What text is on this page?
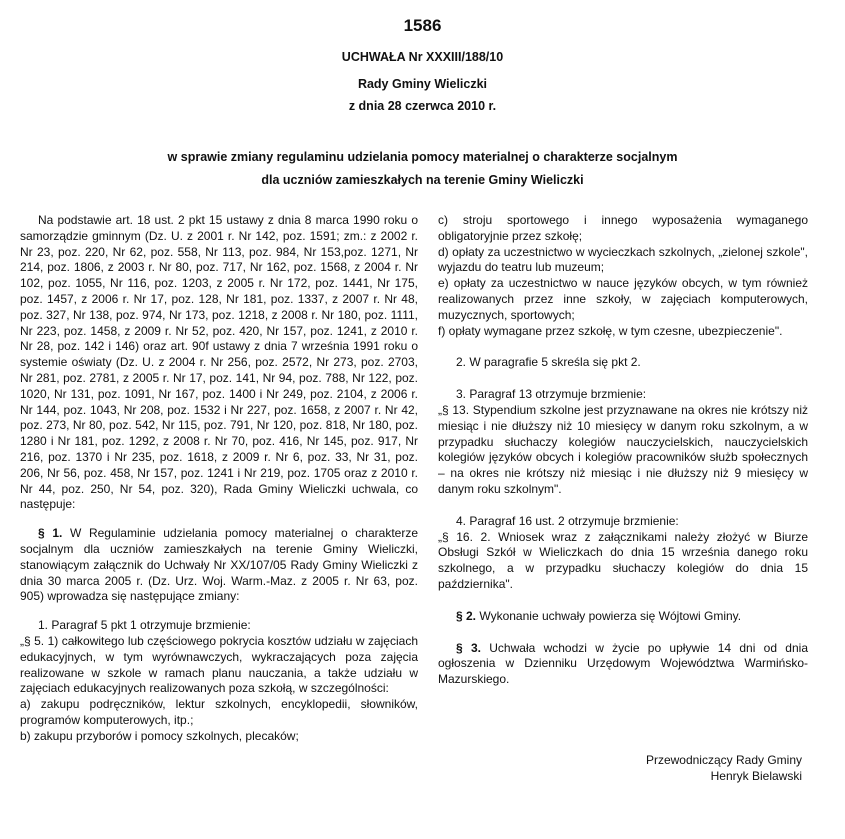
1586
UCHWAŁA Nr XXXIII/188/10
Rady Gminy Wieliczki
z dnia 28 czerwca 2010 r.
w sprawie zmiany regulaminu udzielania pomocy materialnej o charakterze socjalnym
dla uczniów zamieszkałych na terenie Gminy Wieliczki

Na podstawie art. 18 ust. 2 pkt 15 ustawy z dnia 8 marca 1990 roku o samorządzie gminnym (Dz. U. z 2001 r. Nr 142, poz. 1591; zm.: z 2002 r. Nr 23, poz. 220, Nr 62, poz. 558, Nr 113, poz. 984, Nr 153,poz. 1271, Nr 214, poz. 1806, z 2003 r. Nr 80, poz. 717, Nr 162, poz. 1568, z 2004 r. Nr 102, poz. 1055, Nr 116, poz. 1203, z 2005 r. Nr 172, poz. 1441, Nr 175, poz. 1457, z 2006 r. Nr 17, poz. 128, Nr 181, poz. 1337, z 2007 r. Nr 48, poz. 327, Nr 138, poz. 974, Nr 173, poz. 1218, z 2008 r. Nr 180, poz. 1111, Nr 223, poz. 1458, z 2009 r. Nr 52, poz. 420, Nr 157, poz. 1241, z 2010 r. Nr 28, poz. 142 i 146) oraz art. 90f ustawy z dnia 7 września 1991 roku o systemie oświaty (Dz. U. z 2004 r. Nr 256, poz. 2572, Nr 273, poz. 2703, Nr 281, poz. 2781, z 2005 r. Nr 17, poz. 141, Nr 94, poz. 788, Nr 122, poz. 1020, Nr 131, poz. 1091, Nr 167, poz. 1400 i Nr 249, poz. 2104, z 2006 r. Nr 144, poz. 1043, Nr 208, poz. 1532 i Nr 227, poz. 1658, z 2007 r. Nr 42, poz. 273, Nr 80, poz. 542, Nr 115, poz. 791, Nr 120, poz. 818, Nr 180, poz. 1280 i Nr 181, poz. 1292, z 2008 r. Nr 70, poz. 416, Nr 145, poz. 917, Nr 216, poz. 1370 i Nr 235, poz. 1618, z 2009 r. Nr 6, poz. 33, Nr 31, poz. 206, Nr 56, poz. 458, Nr 157, poz. 1241 i Nr 219, poz. 1705 oraz z 2010 r. Nr 44, poz. 250, Nr 54, poz. 320), Rada Gminy Wieliczki uchwala, co następuje:

§ 1. W Regulaminie udzielania pomocy materialnej o charakterze socjalnym dla uczniów zamieszkałych na terenie Gminy Wieliczki, stanowiącym załącznik do Uchwały Nr XX/107/05 Rady Gminy Wieliczki z dnia 30 marca 2005 r. (Dz. Urz. Woj. Warm.-Maz. z 2005 r. Nr 63, poz. 905) wprowadza się następujące zmiany:

1. Paragraf 5 pkt 1 otrzymuje brzmienie:

„§ 5. 1) całkowitego lub częściowego pokrycia kosztów udziału w zajęciach edukacyjnych, w tym wyrównawczych, wykraczających poza zajęcia realizowane w szkole w ramach planu nauczania, a także udziału w zajęciach edukacyjnych realizowanych poza szkołą, w szczególności:

a) zakupu podręczników, lektur szkolnych, encyklopedii, słowników, programów komputerowych, itp.;

b) zakupu przyborów i pomocy szkolnych, plecaków;

c) stroju sportowego i innego wyposażenia wymaganego obligatoryjnie przez szkołę;

d) opłaty za uczestnictwo w wycieczkach szkolnych, „zielonej szkole", wyjazdu do teatru lub muzeum;

e) opłaty za uczestnictwo w nauce języków obcych, w tym również realizowanych przez inne szkoły, w zajęciach komputerowych, muzycznych, sportowych;

f) opłaty wymagane przez szkołę, w tym czesne, ubezpieczenie".

2. W paragrafie 5 skreśla się pkt 2.

3. Paragraf 13 otrzymuje brzmienie:

„§ 13. Stypendium szkolne jest przyznawane na okres nie krótszy niż miesiąc i nie dłuższy niż 10 miesięcy w danym roku szkolnym, a w przypadku słuchaczy kolegiów nauczycielskich, nauczycielskich kolegiów języków obcych i kolegiów pracowników służb społecznych – na okres nie krótszy niż miesiąc i nie dłuższy niż 9 miesięcy w danym roku szkolnym".

4. Paragraf 16 ust. 2 otrzymuje brzmienie:

„§ 16. 2. Wniosek wraz z załącznikami należy złożyć w Biurze Obsługi Szkół w Wieliczkach do dnia 15 września danego roku szkolnego, a w przypadku słuchaczy kolegiów do dnia 15 października".

§ 2. Wykonanie uchwały powierza się Wójtowi Gminy.

§ 3. Uchwała wchodzi w życie po upływie 14 dni od dnia ogłoszenia w Dzienniku Urzędowym Województwa Warmińsko-Mazurskiego.

Przewodniczący Rady Gminy
Henryk Bielawski
